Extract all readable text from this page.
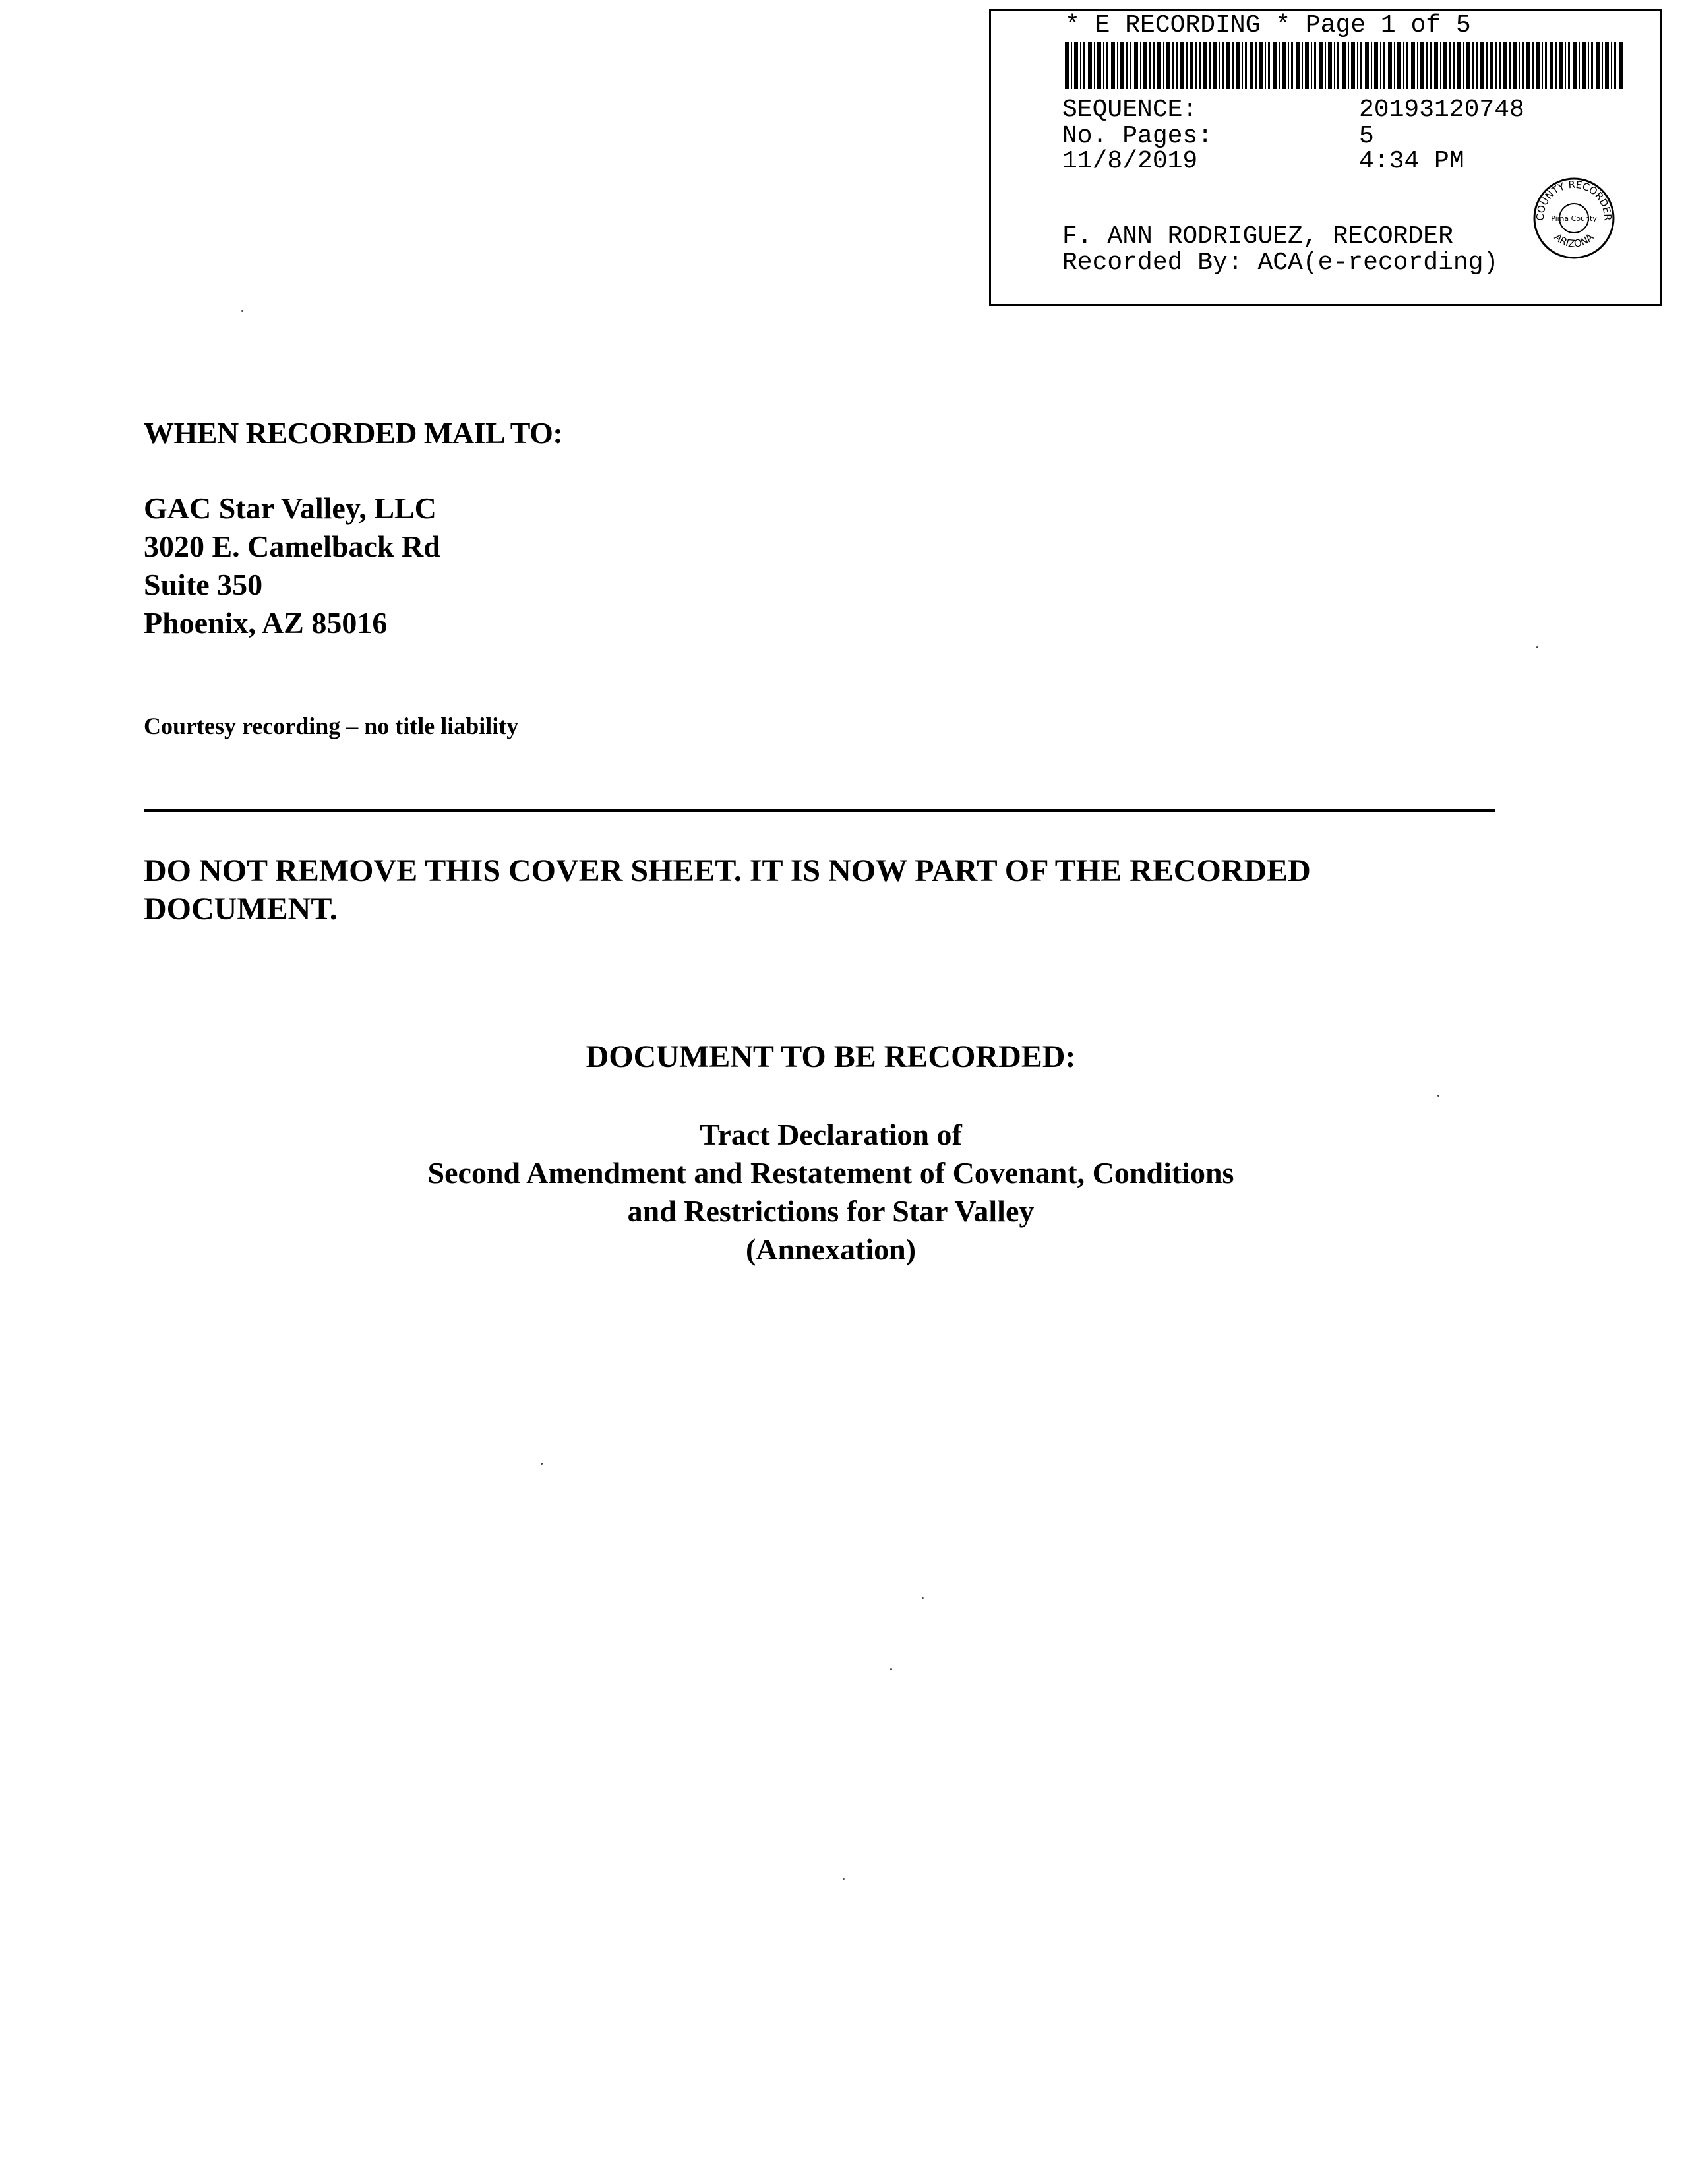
* E RECORDING * Page 1 of 5
SEQUENCE:	20193120748
No. Pages:	5
11/8/2019	4:34 PM
F. ANN RODRIGUEZ, RECORDER
Recorded By: ACA(e-recording)
COUNTY RECORDER
Pima County
ARIZONA
WHEN RECORDED MAIL TO:
GAC Star Valley, LLC
3020 E. Camelback Rd
Suite 350
Phoenix, AZ 85016
Courtesy recording – no title liability
DO NOT REMOVE THIS COVER SHEET. IT IS NOW PART OF THE RECORDED DOCUMENT.
DOCUMENT TO BE RECORDED:
Tract Declaration of
Second Amendment and Restatement of Covenant, Conditions
and Restrictions for Star Valley
(Annexation)
